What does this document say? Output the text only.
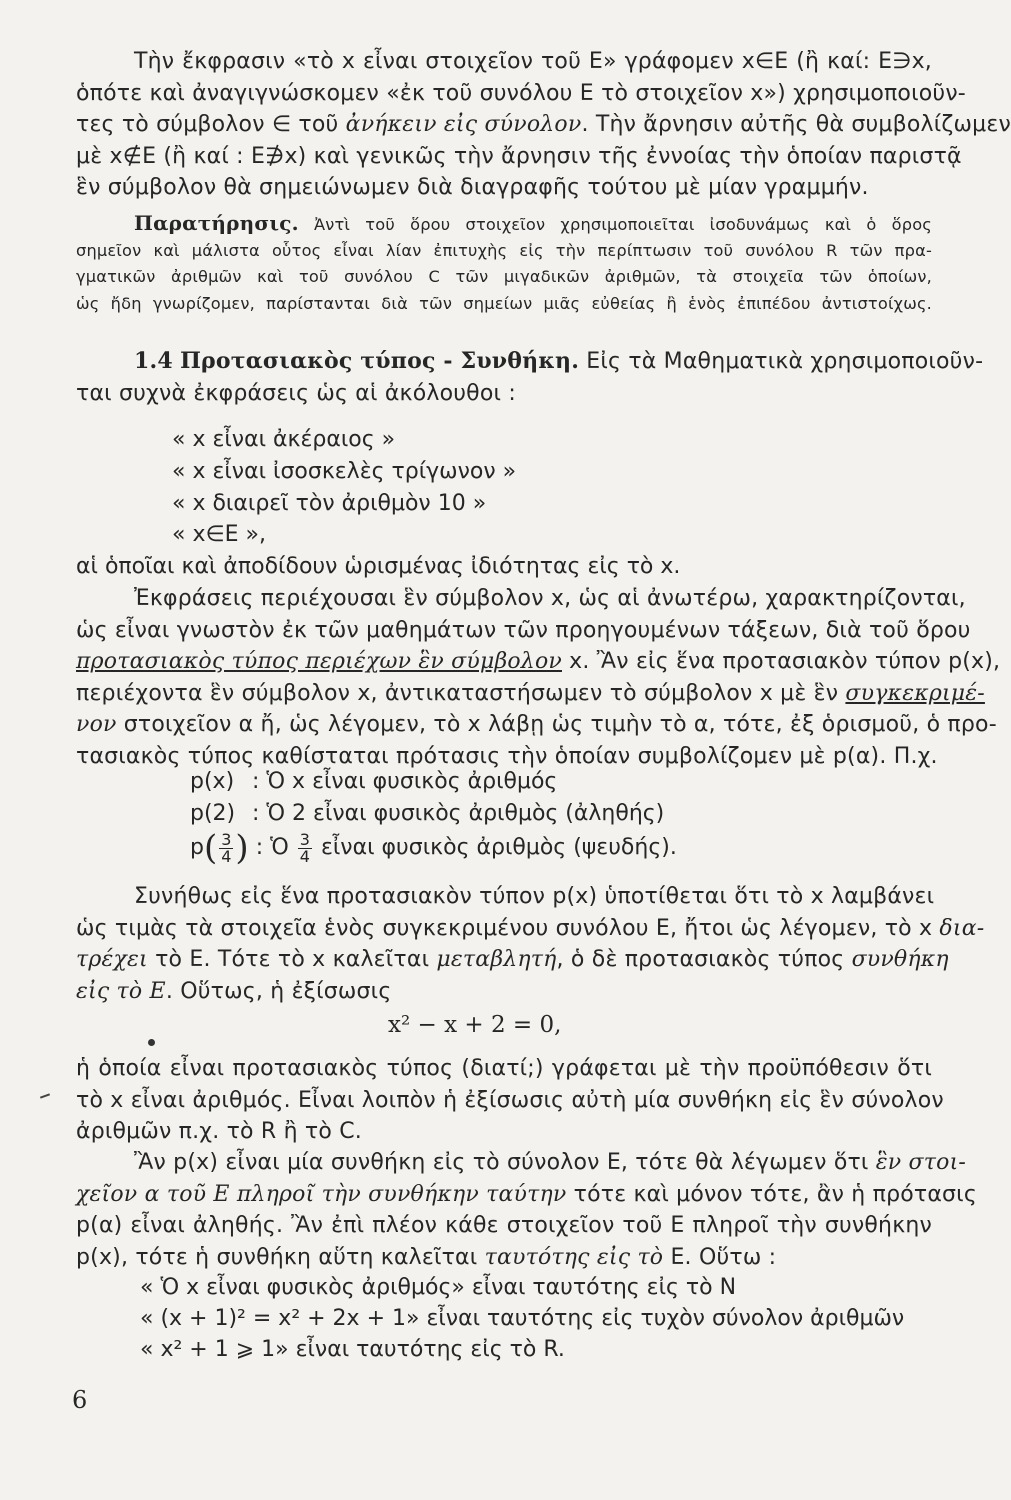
Τὴν ἔκφρασιν «τὸ x εἶναι στοιχεῖον τοῦ Ε» γράφομεν x∈E (ἢ καί: E∋x,
ὁπότε καὶ ἀναγιγνώσκομεν «ἐκ τοῦ συνόλου Ε τὸ στοιχεῖον x») χρησιμοποιοῦν-
τες τὸ σύμβολον ∈ τοῦ ἀνήκειν εἰς σύνολον. Τὴν ἄρνησιν αὐτῆς θὰ συμβολίζωμεν
μὲ x∉E (ἢ καί : E∌x) καὶ γενικῶς τὴν ἄρνησιν τῆς ἐννοίας τὴν ὁποίαν παριστᾷ
ἓν σύμβολον θὰ σημειώνωμεν διὰ διαγραφῆς τούτου μὲ μίαν γραμμήν.
Παρατήρησις. Ἀντὶ τοῦ ὅρου στοιχεῖον χρησιμοποιεῖται ἰσοδυνάμως καὶ ὁ ὅρος
σημεῖον καὶ μάλιστα οὗτος εἶναι λίαν ἐπιτυχὴς εἰς τὴν περίπτωσιν τοῦ συνόλου R τῶν πρα-
γματικῶν ἀριθμῶν καὶ τοῦ συνόλου C τῶν μιγαδικῶν ἀριθμῶν, τὰ στοιχεῖα τῶν ὁποίων,
ὡς ἤδη γνωρίζομεν, παρίστανται διὰ τῶν σημείων μιᾶς εὐθείας ἢ ἑνὸς ἐπιπέδου ἀντιστοίχως.
1.4 Προτασιακὸς τύπος - Συνθήκη. Εἰς τὰ Μαθηματικὰ χρησιμοποιοῦν-
ται συχνὰ ἐκφράσεις ὡς αἱ ἀκόλουθοι :
« x εἶναι ἀκέραιος »
« x εἶναι ἰσοσκελὲς τρίγωνον »
« x διαιρεῖ τὸν ἀριθμὸν 10 »
« x∈E »,
αἱ ὁποῖαι καὶ ἀποδίδουν ὡρισμένας ἰδιότητας εἰς τὸ x.
Ἐκφράσεις περιέχουσαι ἓν σύμβολον x, ὡς αἱ ἀνωτέρω, χαρακτηρίζονται,
ὡς εἶναι γνωστὸν ἐκ τῶν μαθημάτων τῶν προηγουμένων τάξεων, διὰ τοῦ ὅρου
προτασιακὸς τύπος περιέχων ἓν σύμβολον x. Ἂν εἰς ἕνα προτασιακὸν τύπον p(x),
περιέχοντα ἓν σύμβολον x, ἀντικαταστήσωμεν τὸ σύμβολον x μὲ ἓν συγκεκριμέ-
νον στοιχεῖον α ἤ, ὡς λέγομεν, τὸ x λάβῃ ὡς τιμὴν τὸ α, τότε, ἐξ ὁρισμοῦ, ὁ προ-
τασιακὸς τύπος καθίσταται πρότασις τὴν ὁποίαν συμβολίζομεν μὲ p(α). Π.χ.
p(x) : Ὁ x εἶναι φυσικὸς ἀριθμός
p(2) : Ὁ 2 εἶναι φυσικὸς ἀριθμὸς (ἀληθής)
$p( \frac{3}{4}$ ) : Ὁ $\frac{3}{4}$ εἶναι φυσικὸς ἀριθμὸς (ψευδής).
Συνήθως εἰς ἕνα προτασιακὸν τύπον p(x) ὑποτίθεται ὅτι τὸ x λαμβάνει
ὡς τιμὰς τὰ στοιχεῖα ἑνὸς συγκεκριμένου συνόλου Ε, ἤτοι ὡς λέγομεν, τὸ x δια-
τρέχει τὸ Ε. Τότε τὸ x καλεῖται μεταβλητή, ὁ δὲ προτασιακὸς τύπος συνθήκη
εἰς τὸ Ε. Οὕτως, ἡ ἐξίσωσις
x² − x + 2 = 0,
ἡ ὁποία εἶναι προτασιακὸς τύπος (διατί;) γράφεται μὲ τὴν προϋπόθεσιν ὅτι
τὸ x εἶναι ἀριθμός. Εἶναι λοιπὸν ἡ ἐξίσωσις αὐτὴ μία συνθήκη εἰς ἓν σύνολον
ἀριθμῶν π.χ. τὸ R ἢ τὸ C.
Ἂν p(x) εἶναι μία συνθήκη εἰς τὸ σύνολον Ε, τότε θὰ λέγωμεν ὅτι ἓν στοι-
χεῖον α τοῦ Ε πληροῖ τὴν συνθήκην ταύτην τότε καὶ μόνον τότε, ἂν ἡ πρότασις
p(α) εἶναι ἀληθής. Ἂν ἐπὶ πλέον κάθε στοιχεῖον τοῦ Ε πληροῖ τὴν συνθήκην
p(x), τότε ἡ συνθήκη αὕτη καλεῖται ταυτότης εἰς τὸ Ε. Οὕτω :
« Ὁ x εἶναι φυσικὸς ἀριθμός» εἶναι ταυτότης εἰς τὸ N
« (x + 1)² = x² + 2x + 1» εἶναι ταυτότης εἰς τυχὸν σύνολον ἀριθμῶν
« x² + 1 ⩾ 1» εἶναι ταυτότης εἰς τὸ R.
6
